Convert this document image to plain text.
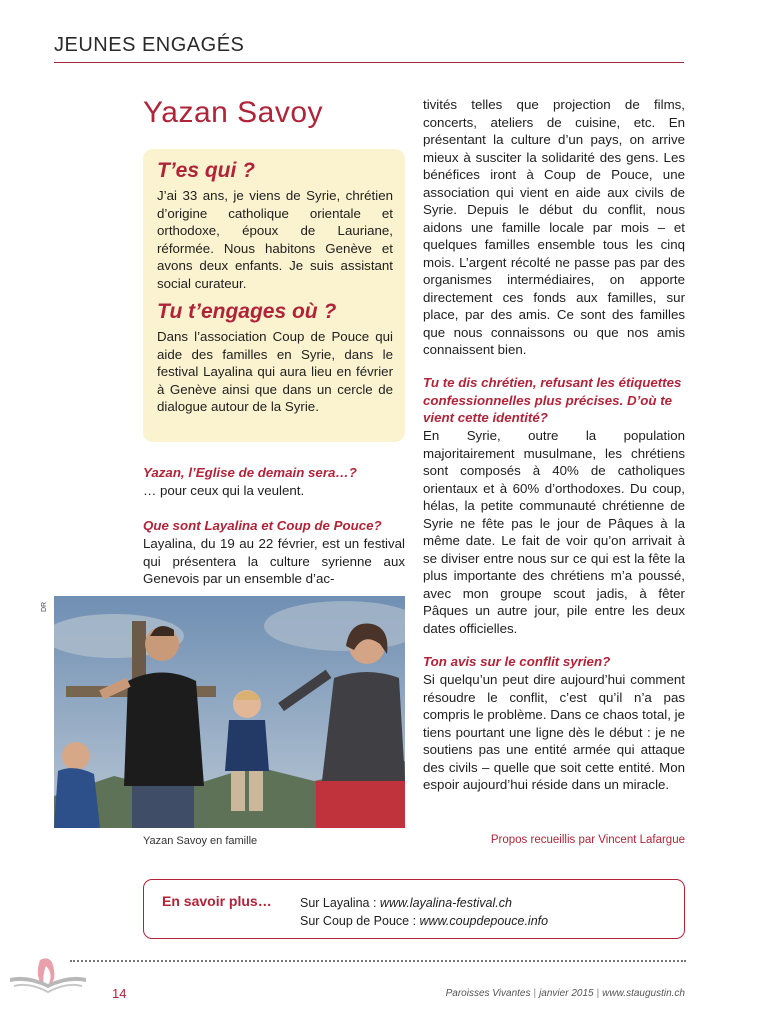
JEUNES ENGAGÉS
Yazan Savoy
T’es qui ?

J’ai 33 ans, je viens de Syrie, chrétien d’origine catholique orientale et orthodoxe, époux de Lauriane, réformée. Nous habitons Genève et avons deux enfants. Je suis assistant social curateur.

Tu t’engages où ?

Dans l’association Coup de Pouce qui aide des familles en Syrie, dans le festival Layalina qui aura lieu en février à Genève ainsi que dans un cercle de dialogue autour de la Syrie.

Yazan, l’Eglise de demain sera…?
… pour ceux qui la veulent.
Que sont Layalina et Coup de Pouce?
Layalina, du 19 au 22 février, est un festival qui présentera la culture syrienne aux Genevois par un ensemble d’ac-
DR
Yazan Savoy en famille
tivités telles que projection de films, concerts, ateliers de cuisine, etc. En présentant la culture d’un pays, on arrive mieux à susciter la solidarité des gens. Les bénéfices iront à Coup de Pouce, une association qui vient en aide aux civils de Syrie. Depuis le début du conflit, nous aidons une famille locale par mois – et quelques familles ensemble tous les cinq mois. L’argent récolté ne passe pas par des organismes intermédiaires, on apporte directement ces fonds aux familles, sur place, par des amis. Ce sont des familles que nous connaissons ou que nos amis connaissent bien.
Tu te dis chrétien, refusant les étiquettes confessionnelles plus précises. D’où te vient cette identité?
En Syrie, outre la population majoritairement musulmane, les chrétiens sont composés à 40% de catholiques orientaux et à 60% d’orthodoxes. Du coup, hélas, la petite communauté chrétienne de Syrie ne fête pas le jour de Pâques à la même date. Le fait de voir qu’on arrivait à se diviser entre nous sur ce qui est la fête la plus importante des chrétiens m’a poussé, avec mon groupe scout jadis, à fêter Pâques un autre jour, pile entre les deux dates officielles.
Ton avis sur le conflit syrien?
Si quelqu’un peut dire aujourd’hui comment résoudre le conflit, c’est qu’il n’a pas compris le problème. Dans ce chaos total, je tiens pourtant une ligne dès le début : je ne soutiens pas une entité armée qui attaque des civils – quelle que soit cette entité. Mon espoir aujourd’hui réside dans un miracle.
Propos recueillis par Vincent Lafargue
En savoir plus… Sur Layalina : www.layalina-festival.ch
Sur Coup de Pouce : www.coupdepouce.info
14	Paroisses Vivantes | janvier 2015 | www.staugustin.ch
